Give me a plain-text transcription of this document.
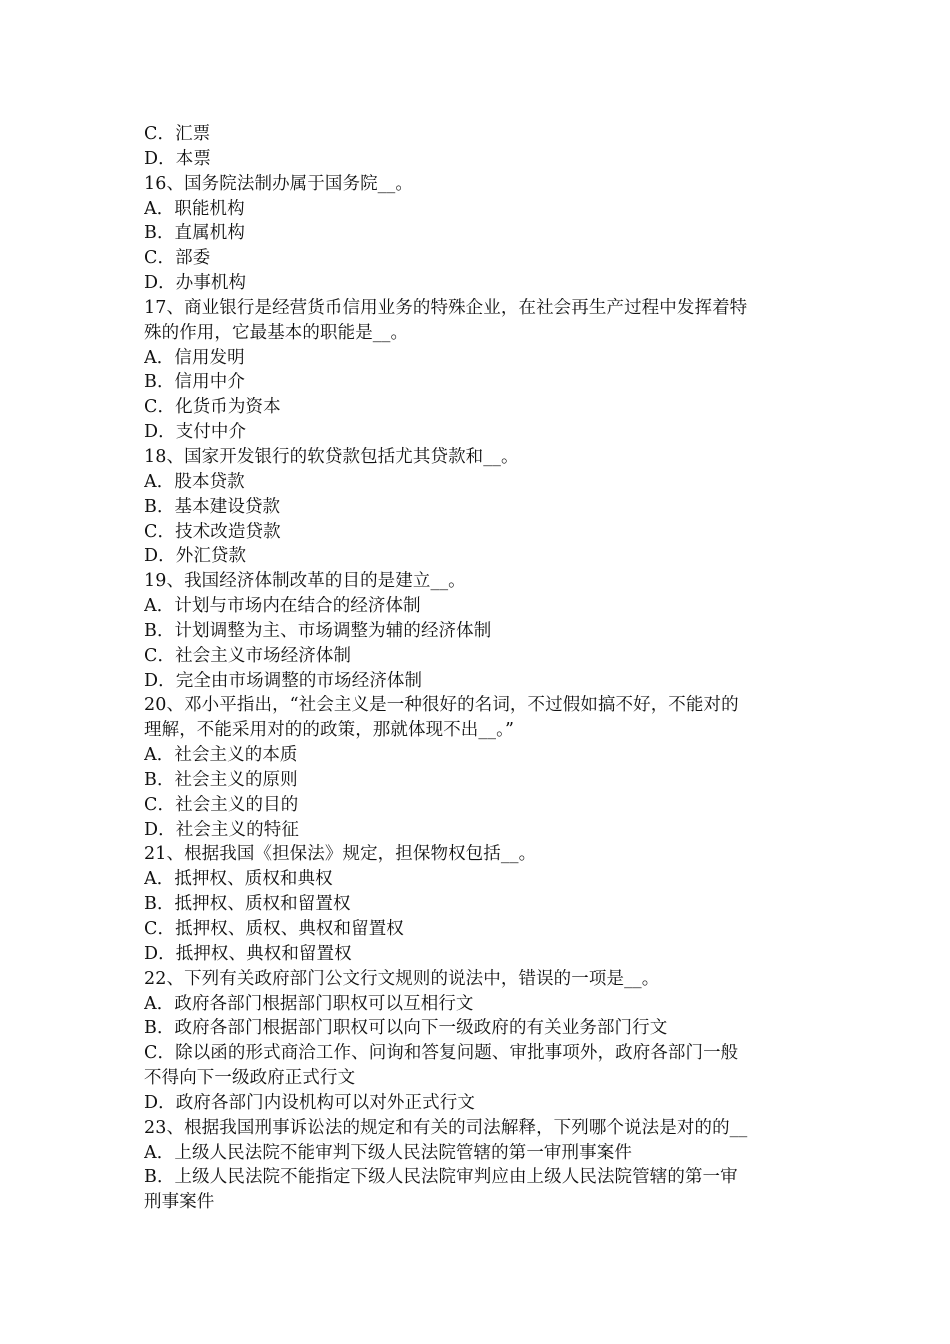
C．汇票
D．本票
16、国务院法制办属于国务院__。
A．职能机构
B．直属机构
C．部委
D．办事机构
17、商业银行是经营货币信用业务的特殊企业，在社会再生产过程中发挥着特
殊的作用，它最基本的职能是__。
A．信用发明
B．信用中介
C．化货币为资本
D．支付中介
18、国家开发银行的软贷款包括尤其贷款和__。
A．股本贷款
B．基本建设贷款
C．技术改造贷款
D．外汇贷款
19、我国经济体制改革的目的是建立__。
A．计划与市场内在结合的经济体制
B．计划调整为主、市场调整为辅的经济体制
C．社会主义市场经济体制
D．完全由市场调整的市场经济体制
20、邓小平指出，“社会主义是一种很好的名词，不过假如搞不好，不能对的
理解，不能采用对的的政策，那就体现不出__。”
A．社会主义的本质
B．社会主义的原则
C．社会主义的目的
D．社会主义的特征
21、根据我国《担保法》规定，担保物权包括__。
A．抵押权、质权和典权
B．抵押权、质权和留置权
C．抵押权、质权、典权和留置权
D．抵押权、典权和留置权
22、下列有关政府部门公文行文规则的说法中，错误的一项是__。
A．政府各部门根据部门职权可以互相行文
B．政府各部门根据部门职权可以向下一级政府的有关业务部门行文
C．除以函的形式商洽工作、问询和答复问题、审批事项外，政府各部门一般
不得向下一级政府正式行文
D．政府各部门内设机构可以对外正式行文
23、根据我国刑事诉讼法的规定和有关的司法解释，下列哪个说法是对的的__
A．上级人民法院不能审判下级人民法院管辖的第一审刑事案件
B．上级人民法院不能指定下级人民法院审判应由上级人民法院管辖的第一审
刑事案件
